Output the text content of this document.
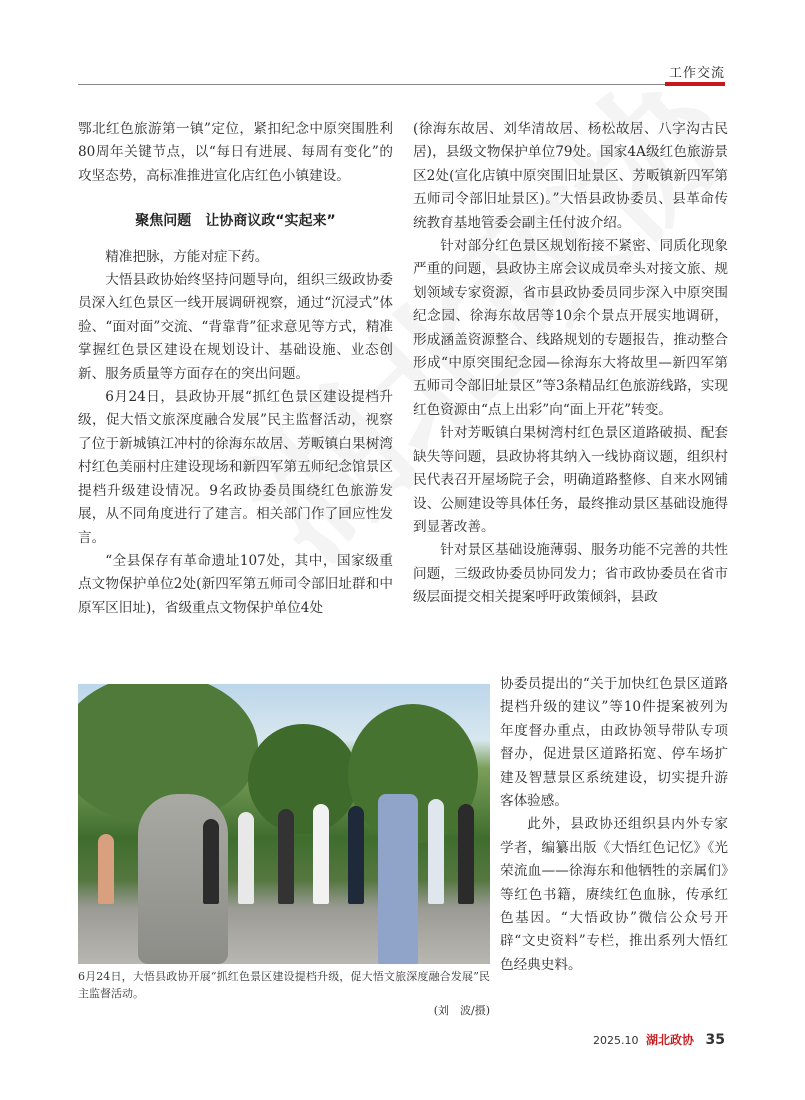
工作交流

鄂北红色旅游第一镇”定位，紧扣纪念中原突围胜利80周年关键节点，以“每日有进展、每周有变化”的攻坚态势，高标准推进宣化店红色小镇建设。

聚焦问题　让协商议政“实起来”

精准把脉，方能对症下药。

大悟县政协始终坚持问题导向，组织三级政协委员深入红色景区一线开展调研视察，通过“沉浸式”体验、“面对面”交流、“背靠背”征求意见等方式，精准掌握红色景区建设在规划设计、基础设施、业态创新、服务质量等方面存在的突出问题。

6月24日，县政协开展“抓红色景区建设提档升级，促大悟文旅深度融合发展”民主监督活动，视察了位于新城镇江冲村的徐海东故居、芳畈镇白果树湾村红色美丽村庄建设现场和新四军第五师纪念馆景区提档升级建设情况。9名政协委员围绕红色旅游发展，从不同角度进行了建言。相关部门作了回应性发言。

“全县保存有革命遗址107处，其中，国家级重点文物保护单位2处(新四军第五师司令部旧址群和中原军区旧址)，省级重点文物保护单位4处

(徐海东故居、刘华清故居、杨松故居、八字沟古民居)，县级文物保护单位79处。国家4A级红色旅游景区2处(宣化店镇中原突围旧址景区、芳畈镇新四军第五师司令部旧址景区)。”大悟县政协委员、县革命传统教育基地管委会副主任付波介绍。

针对部分红色景区规划衔接不紧密、同质化现象严重的问题，县政协主席会议成员牵头对接文旅、规划领域专家资源，省市县政协委员同步深入中原突围纪念园、徐海东故居等10余个景点开展实地调研，形成涵盖资源整合、线路规划的专题报告，推动整合形成“中原突围纪念园—徐海东大将故里—新四军第五师司令部旧址景区”等3条精品红色旅游线路，实现红色资源由“点上出彩”向“面上开花”转变。

针对芳畈镇白果树湾村红色景区道路破损、配套缺失等问题，县政协将其纳入一线协商议题，组织村民代表召开屋场院子会，明确道路整修、自来水网铺设、公厕建设等具体任务，最终推动景区基础设施得到显著改善。

针对景区基础设施薄弱、服务功能不完善的共性问题，三级政协委员协同发力；省市政协委员在省市级层面提交相关提案呼吁政策倾斜，县政

6月24日，大悟县政协开展“抓红色景区建设提档升级，促大悟文旅深度融合发展”民主监督活动。
(刘　波/摄)

协委员提出的“关于加快红色景区道路提档升级的建议”等10件提案被列为年度督办重点，由政协领导带队专项督办，促进景区道路拓宽、停车场扩建及智慧景区系统建设，切实提升游客体验感。

此外，县政协还组织县内外专家学者，编纂出版《大悟红色记忆》《光荣流血——徐海东和他牺牲的亲属们》等红色书籍，赓续红色血脉，传承红色基因。“大悟政协”微信公众号开辟“文史资料”专栏，推出系列大悟红色经典史料。

2025.10 湖北政协 35
